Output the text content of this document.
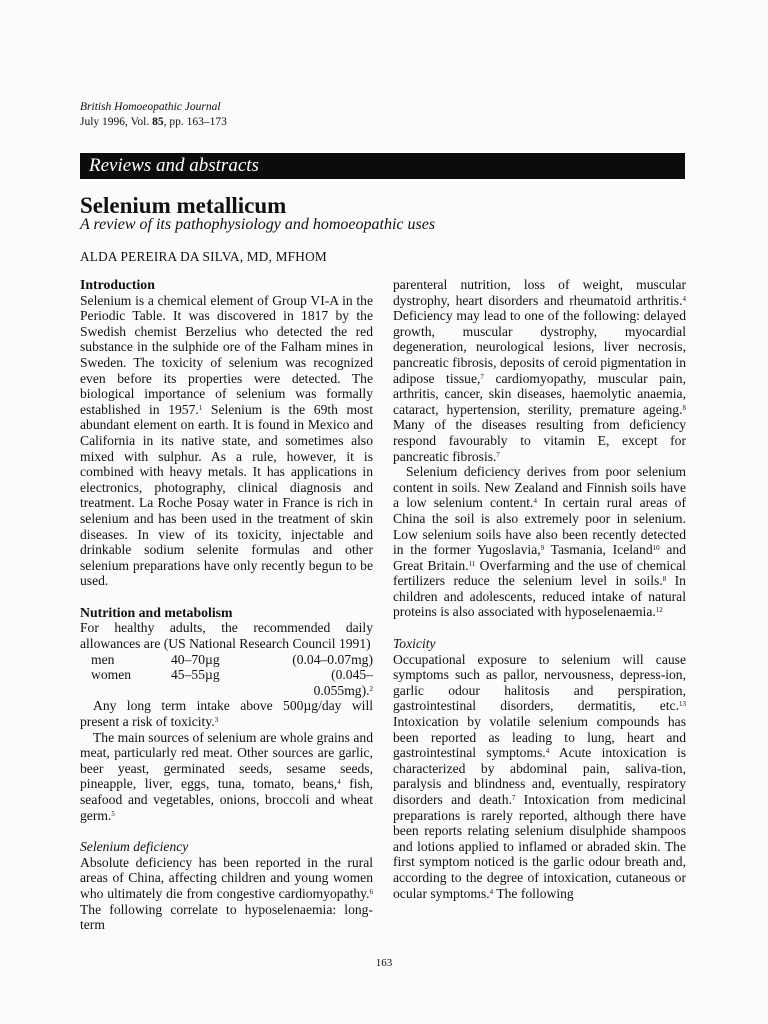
British Homoeopathic Journal
July 1996, Vol. 85, pp. 163–173
Reviews and abstracts
Selenium metallicum
A review of its pathophysiology and homoeopathic uses
ALDA PEREIRA DA SILVA, MD, MFHOM
Introduction

Selenium is a chemical element of Group VI-A in the Periodic Table. It was discovered in 1817 by the Swedish chemist Berzelius who detected the red substance in the sulphide ore of the Falham mines in Sweden. The toxicity of selenium was recognized even before its properties were detected. The biological importance of selenium was formally established in 1957.$^1$ Selenium is the 69th most abundant element on earth. It is found in Mexico and California in its native state, and sometimes also mixed with sulphur. As a rule, however, it is combined with heavy metals. It has applications in electronics, photography, clinical diagnosis and treatment. La Roche Posay water in France is rich in selenium and has been used in the treatment of skin diseases. In view of its toxicity, injectable and drinkable sodium selenite formulas and other selenium preparations have only recently begun to be used.

Nutrition and metabolism

For healthy adults, the recommended daily allowances are (US National Research Council 1991)

men	40–70µg	(0.04–0.07mg)
women	45–55µg	(0.045–0.055mg).$^2$

Any long term intake above 500µg/day will present a risk of toxicity.$^3$

The main sources of selenium are whole grains and meat, particularly red meat. Other sources are garlic, beer yeast, germinated seeds, sesame seeds, pineapple, liver, eggs, tuna, tomato, beans,$^4$ fish, seafood and vegetables, onions, broccoli and wheat germ.$^5$

Selenium deficiency

Absolute deficiency has been reported in the rural areas of China, affecting children and young women who ultimately die from congestive cardiomyopathy.$^6$ The following correlate to hyposelenaemia: long-term

parenteral nutrition, loss of weight, muscular dystrophy, heart disorders and rheumatoid arthritis.$^4$ Deficiency may lead to one of the following: delayed growth, muscular dystrophy, myocardial degeneration, neurological lesions, liver necrosis, pancreatic fibrosis, deposits of ceroid pigmentation in adipose tissue,$^7$ cardiomyopathy, muscular pain, arthritis, cancer, skin diseases, haemolytic anaemia, cataract, hypertension, sterility, premature ageing.$^8$ Many of the diseases resulting from deficiency respond favourably to vitamin E, except for pancreatic fibrosis.$^7$

Selenium deficiency derives from poor selenium content in soils. New Zealand and Finnish soils have a low selenium content.$^4$ In certain rural areas of China the soil is also extremely poor in selenium. Low selenium soils have also been recently detected in the former Yugoslavia,$^9$ Tasmania, Iceland$^{10}$ and Great Britain.$^{11}$ Overfarming and the use of chemical fertilizers reduce the selenium level in soils.$^8$ In children and adolescents, reduced intake of natural proteins is also associated with hyposelenaemia.$^{12}$

Toxicity

Occupational exposure to selenium will cause symptoms such as pallor, nervousness, depress-ion, garlic odour halitosis and perspiration, gastrointestinal disorders, dermatitis, etc.$^{13}$ Intoxication by volatile selenium compounds has been reported as leading to lung, heart and gastrointestinal symptoms.$^4$ Acute intoxication is characterized by abdominal pain, saliva-tion, paralysis and blindness and, eventually, respiratory disorders and death.$^7$ Intoxication from medicinal preparations is rarely reported, although there have been reports relating selenium disulphide shampoos and lotions applied to inflamed or abraded skin. The first symptom noticed is the garlic odour breath and, according to the degree of intoxication, cutaneous or ocular symptoms.$^4$ The following

163
